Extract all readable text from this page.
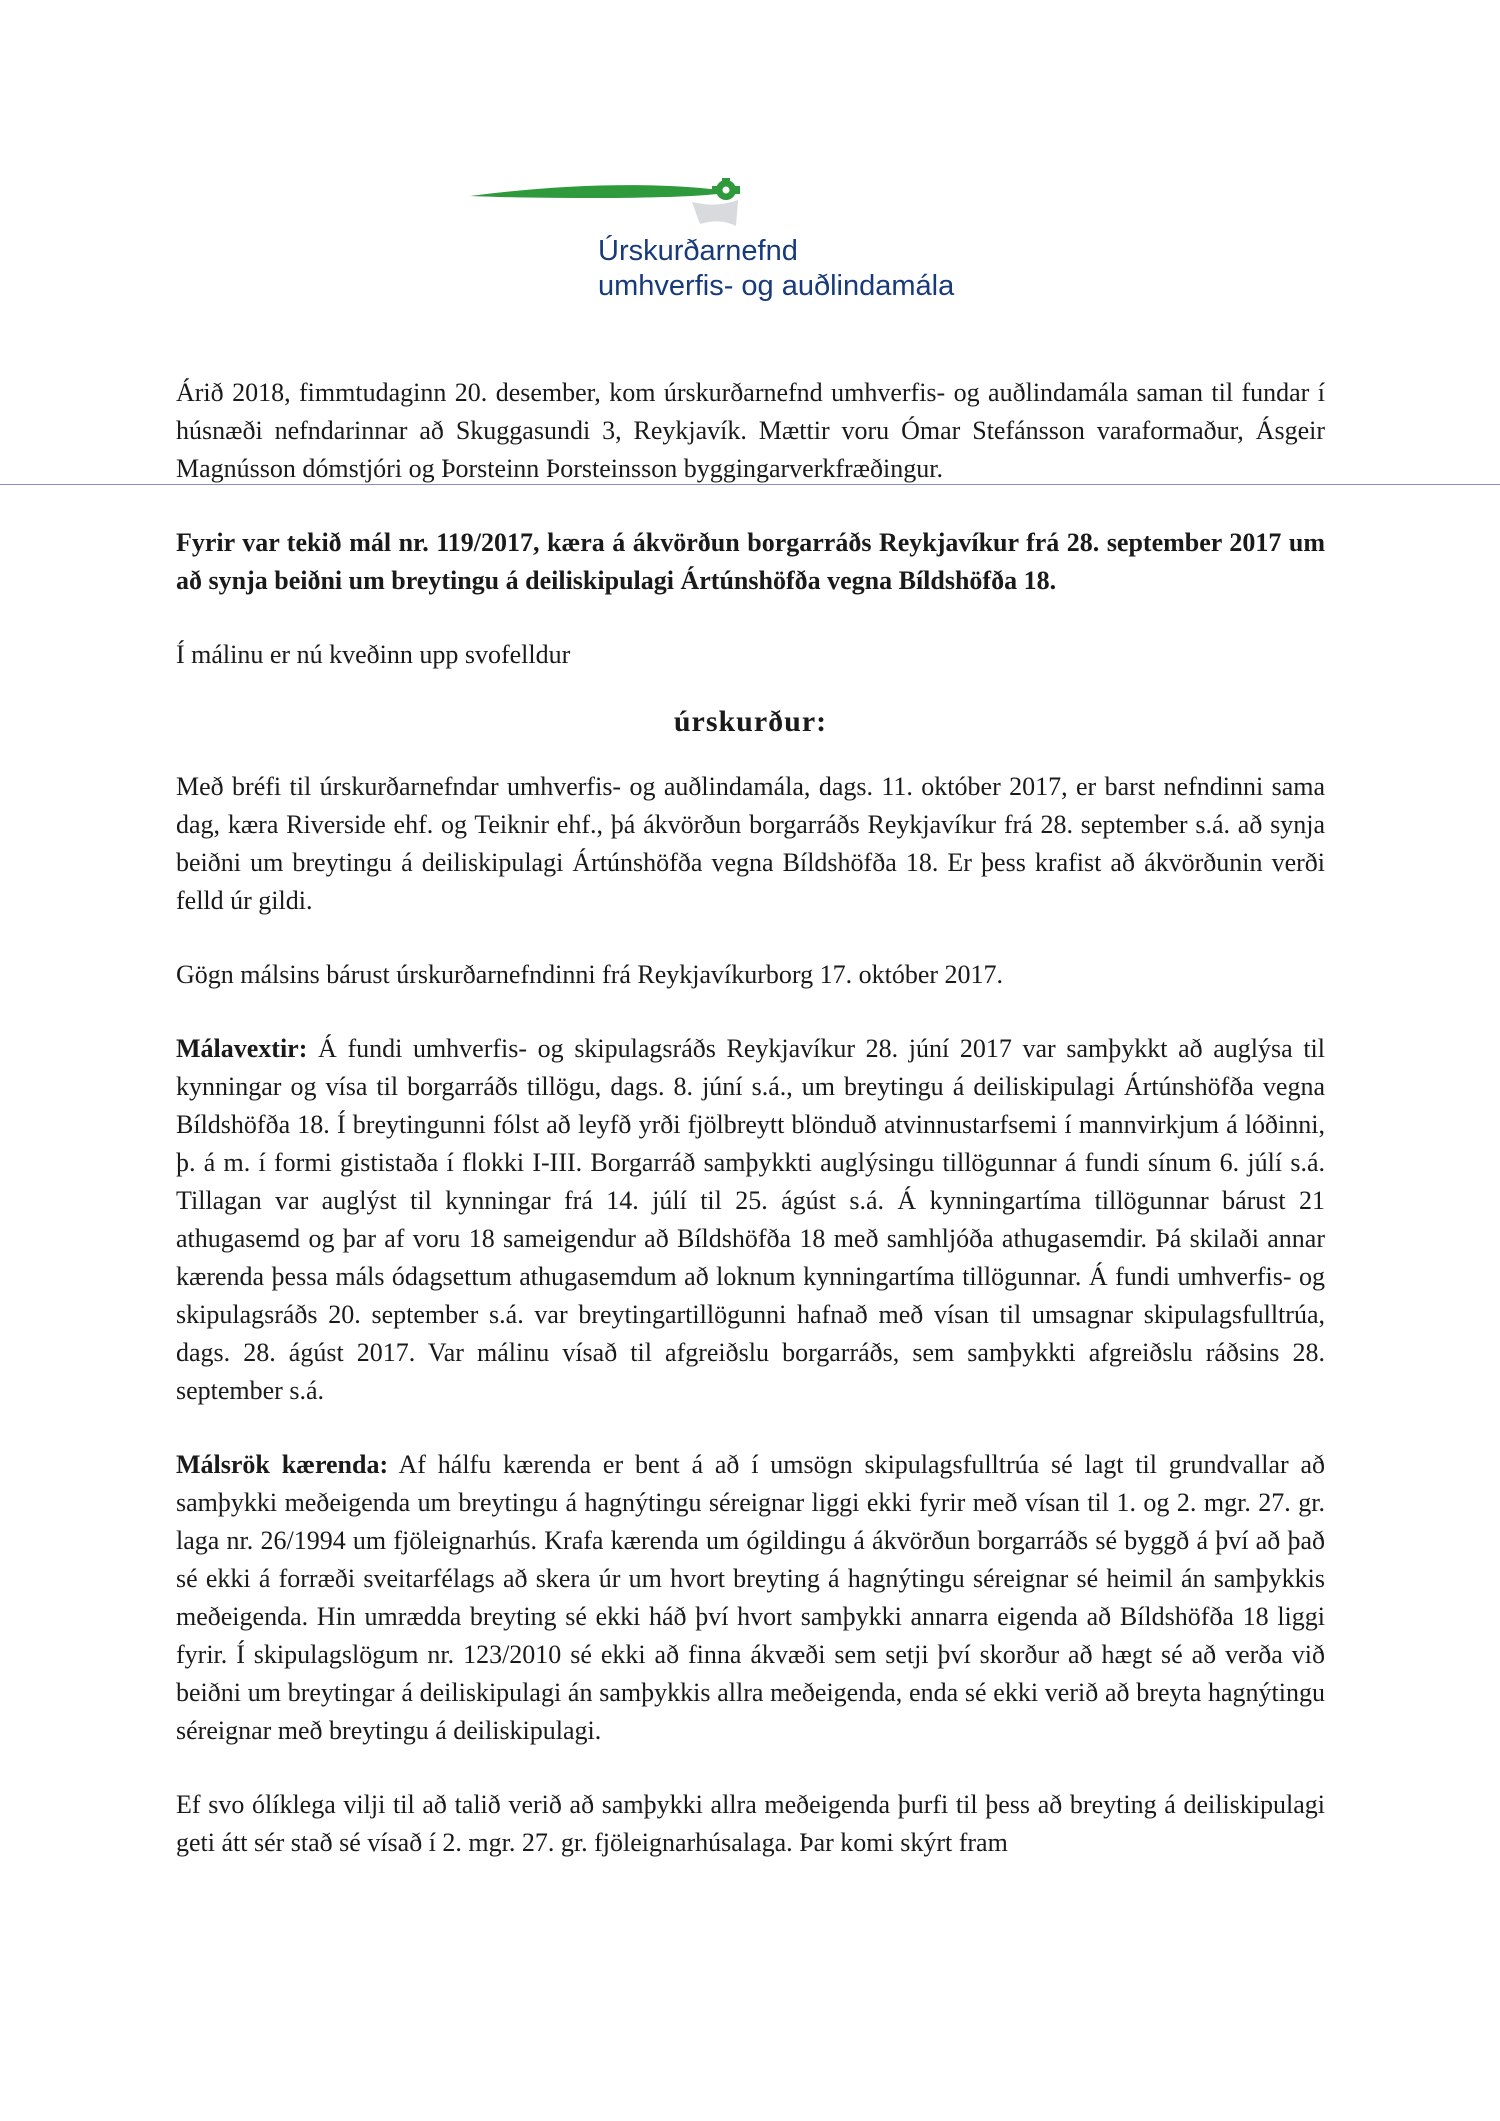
Úrskurðarnefnd
umhverfis- og auðlindamála

Árið 2018, fimmtudaginn 20. desember, kom úrskurðarnefnd umhverfis- og auðlindamála saman til fundar í húsnæði nefndarinnar að Skuggasundi 3, Reykjavík. Mættir voru Ómar Stefánsson varaformaður, Ásgeir Magnússon dómstjóri og Þorsteinn Þorsteinsson byggingarverkfræðingur.

Fyrir var tekið mál nr. 119/2017, kæra á ákvörðun borgarráðs Reykjavíkur frá 28. september 2017 um að synja beiðni um breytingu á deiliskipulagi Ártúnshöfða vegna Bíldshöfða 18.

Í málinu er nú kveðinn upp svofelldur

úrskurður:

Með bréfi til úrskurðarnefndar umhverfis- og auðlindamála, dags. 11. október 2017, er barst nefndinni sama dag, kæra Riverside ehf. og Teiknir ehf., þá ákvörðun borgarráðs Reykjavíkur frá 28. september s.á. að synja beiðni um breytingu á deiliskipulagi Ártúnshöfða vegna Bíldshöfða 18. Er þess krafist að ákvörðunin verði felld úr gildi.

Gögn málsins bárust úrskurðarnefndinni frá Reykjavíkurborg 17. október 2017.

Málavextir: Á fundi umhverfis- og skipulagsráðs Reykjavíkur 28. júní 2017 var samþykkt að auglýsa til kynningar og vísa til borgarráðs tillögu, dags. 8. júní s.á., um breytingu á deiliskipulagi Ártúnshöfða vegna Bíldshöfða 18. Í breytingunni fólst að leyfð yrði fjölbreytt blönduð atvinnustarfsemi í mannvirkjum á lóðinni, þ. á m. í formi gististaða í flokki I-III. Borgarráð samþykkti auglýsingu tillögunnar á fundi sínum 6. júlí s.á. Tillagan var auglýst til kynningar frá 14. júlí til 25. ágúst s.á. Á kynningartíma tillögunnar bárust 21 athugasemd og þar af voru 18 sameigendur að Bíldshöfða 18 með samhljóða athugasemdir. Þá skilaði annar kærenda þessa máls ódagsettum athugasemdum að loknum kynningartíma tillögunnar. Á fundi umhverfis- og skipulagsráðs 20. september s.á. var breytingartillögunni hafnað með vísan til umsagnar skipulagsfulltrúa, dags. 28. ágúst 2017. Var málinu vísað til afgreiðslu borgarráðs, sem samþykkti afgreiðslu ráðsins 28. september s.á.

Málsrök kærenda: Af hálfu kærenda er bent á að í umsögn skipulagsfulltrúa sé lagt til grundvallar að samþykki meðeigenda um breytingu á hagnýtingu séreignar liggi ekki fyrir með vísan til 1. og 2. mgr. 27. gr. laga nr. 26/1994 um fjöleignarhús. Krafa kærenda um ógildingu á ákvörðun borgarráðs sé byggð á því að það sé ekki á forræði sveitarfélags að skera úr um hvort breyting á hagnýtingu séreignar sé heimil án samþykkis meðeigenda. Hin umrædda breyting sé ekki háð því hvort samþykki annarra eigenda að Bíldshöfða 18 liggi fyrir. Í skipulagslögum nr. 123/2010 sé ekki að finna ákvæði sem setji því skorður að hægt sé að verða við beiðni um breytingar á deiliskipulagi án samþykkis allra meðeigenda, enda sé ekki verið að breyta hagnýtingu séreignar með breytingu á deiliskipulagi.

Ef svo ólíklega vilji til að talið verið að samþykki allra meðeigenda þurfi til þess að breyting á deiliskipulagi geti átt sér stað sé vísað í 2. mgr. 27. gr. fjöleignarhúsalaga. Þar komi skýrt fram
